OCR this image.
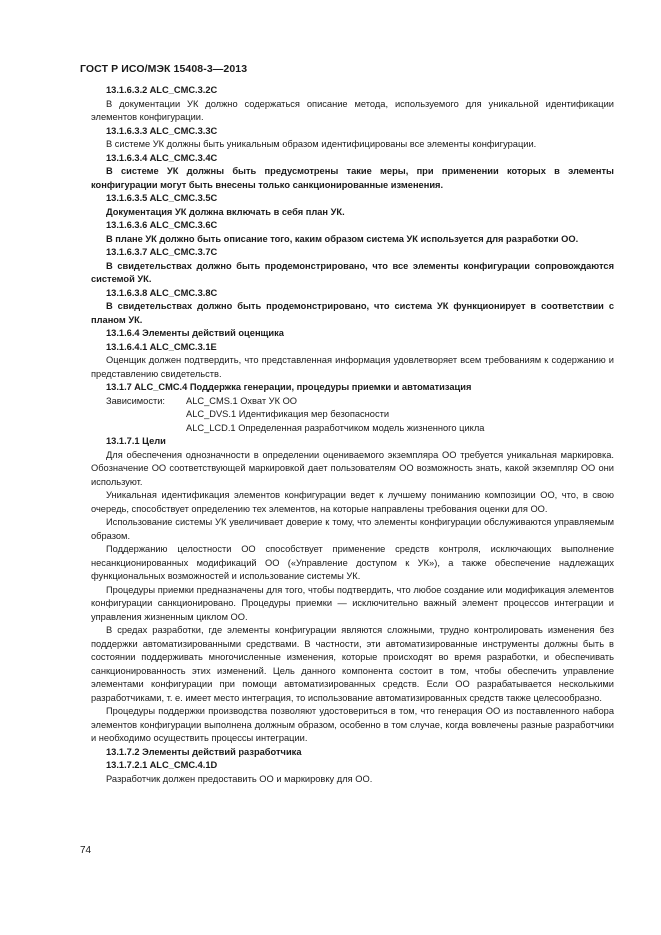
ГОСТ Р ИСО/МЭК 15408-3—2013

13.1.6.3.2 ALC_CMC.3.2C

В документации УК должно содержаться описание метода, используемого для уникальной идентификации элементов конфигурации.

13.1.6.3.3 ALC_CMC.3.3C

В системе УК должны быть уникальным образом идентифицированы все элементы конфигурации.

13.1.6.3.4 ALC_CMC.3.4C

В системе УК должны быть предусмотрены такие меры, при применении которых в элементы конфигурации могут быть внесены только санкционированные изменения.

13.1.6.3.5 ALC_CMC.3.5C

Документация УК должна включать в себя план УК.

13.1.6.3.6 ALC_CMC.3.6C

В плане УК должно быть описание того, каким образом система УК используется для разработки ОО.

13.1.6.3.7 ALC_CMC.3.7C

В свидетельствах должно быть продемонстрировано, что все элементы конфигурации сопровождаются системой УК.

13.1.6.3.8 ALC_CMC.3.8C

В свидетельствах должно быть продемонстрировано, что система УК функционирует в соответствии с планом УК.

13.1.6.4 Элементы действий оценщика

13.1.6.4.1 ALC_CMC.3.1E

Оценщик должен подтвердить, что представленная информация удовлетворяет всем требованиям к содержанию и представлению свидетельств.

13.1.7 ALC_CMC.4 Поддержка генерации, процедуры приемки и автоматизация

Зависимости:	ALC_CMS.1 Охват УК ОО
ALC_DVS.1 Идентификация мер безопасности
ALC_LCD.1 Определенная разработчиком модель жизненного цикла

13.1.7.1 Цели

Для обеспечения однозначности в определении оцениваемого экземпляра ОО требуется уникальная маркировка. Обозначение ОО соответствующей маркировкой дает пользователям ОО возможность знать, какой экземпляр ОО они используют.

Уникальная идентификация элементов конфигурации ведет к лучшему пониманию композиции ОО, что, в свою очередь, способствует определению тех элементов, на которые направлены требования оценки для ОО.

Использование системы УК увеличивает доверие к тому, что элементы конфигурации обслуживаются управляемым образом.

Поддержанию целостности ОО способствует применение средств контроля, исключающих выполнение несанкционированных модификаций ОО («Управление доступом к УК»), а также обеспечение надлежащих функциональных возможностей и использование системы УК.

Процедуры приемки предназначены для того, чтобы подтвердить, что любое создание или модификация элементов конфигурации санкционировано. Процедуры приемки — исключительно важный элемент процессов интеграции и управления жизненным циклом ОО.

В средах разработки, где элементы конфигурации являются сложными, трудно контролировать изменения без поддержки автоматизированными средствами. В частности, эти автоматизированные инструменты должны быть в состоянии поддерживать многочисленные изменения, которые происходят во время разработки, и обеспечивать санкционированность этих изменений. Цель данного компонента состоит в том, чтобы обеспечить управление элементами конфигурации при помощи автоматизированных средств. Если ОО разрабатывается несколькими разработчиками, т. е. имеет место интеграция, то использование автоматизированных средств также целесообразно.

Процедуры поддержки производства позволяют удостовериться в том, что генерация ОО из поставленного набора элементов конфигурации выполнена должным образом, особенно в том случае, когда вовлечены разные разработчики и необходимо осуществить процессы интеграции.

13.1.7.2 Элементы действий разработчика

13.1.7.2.1 ALC_CMC.4.1D

Разработчик должен предоставить ОО и маркировку для ОО.

74
